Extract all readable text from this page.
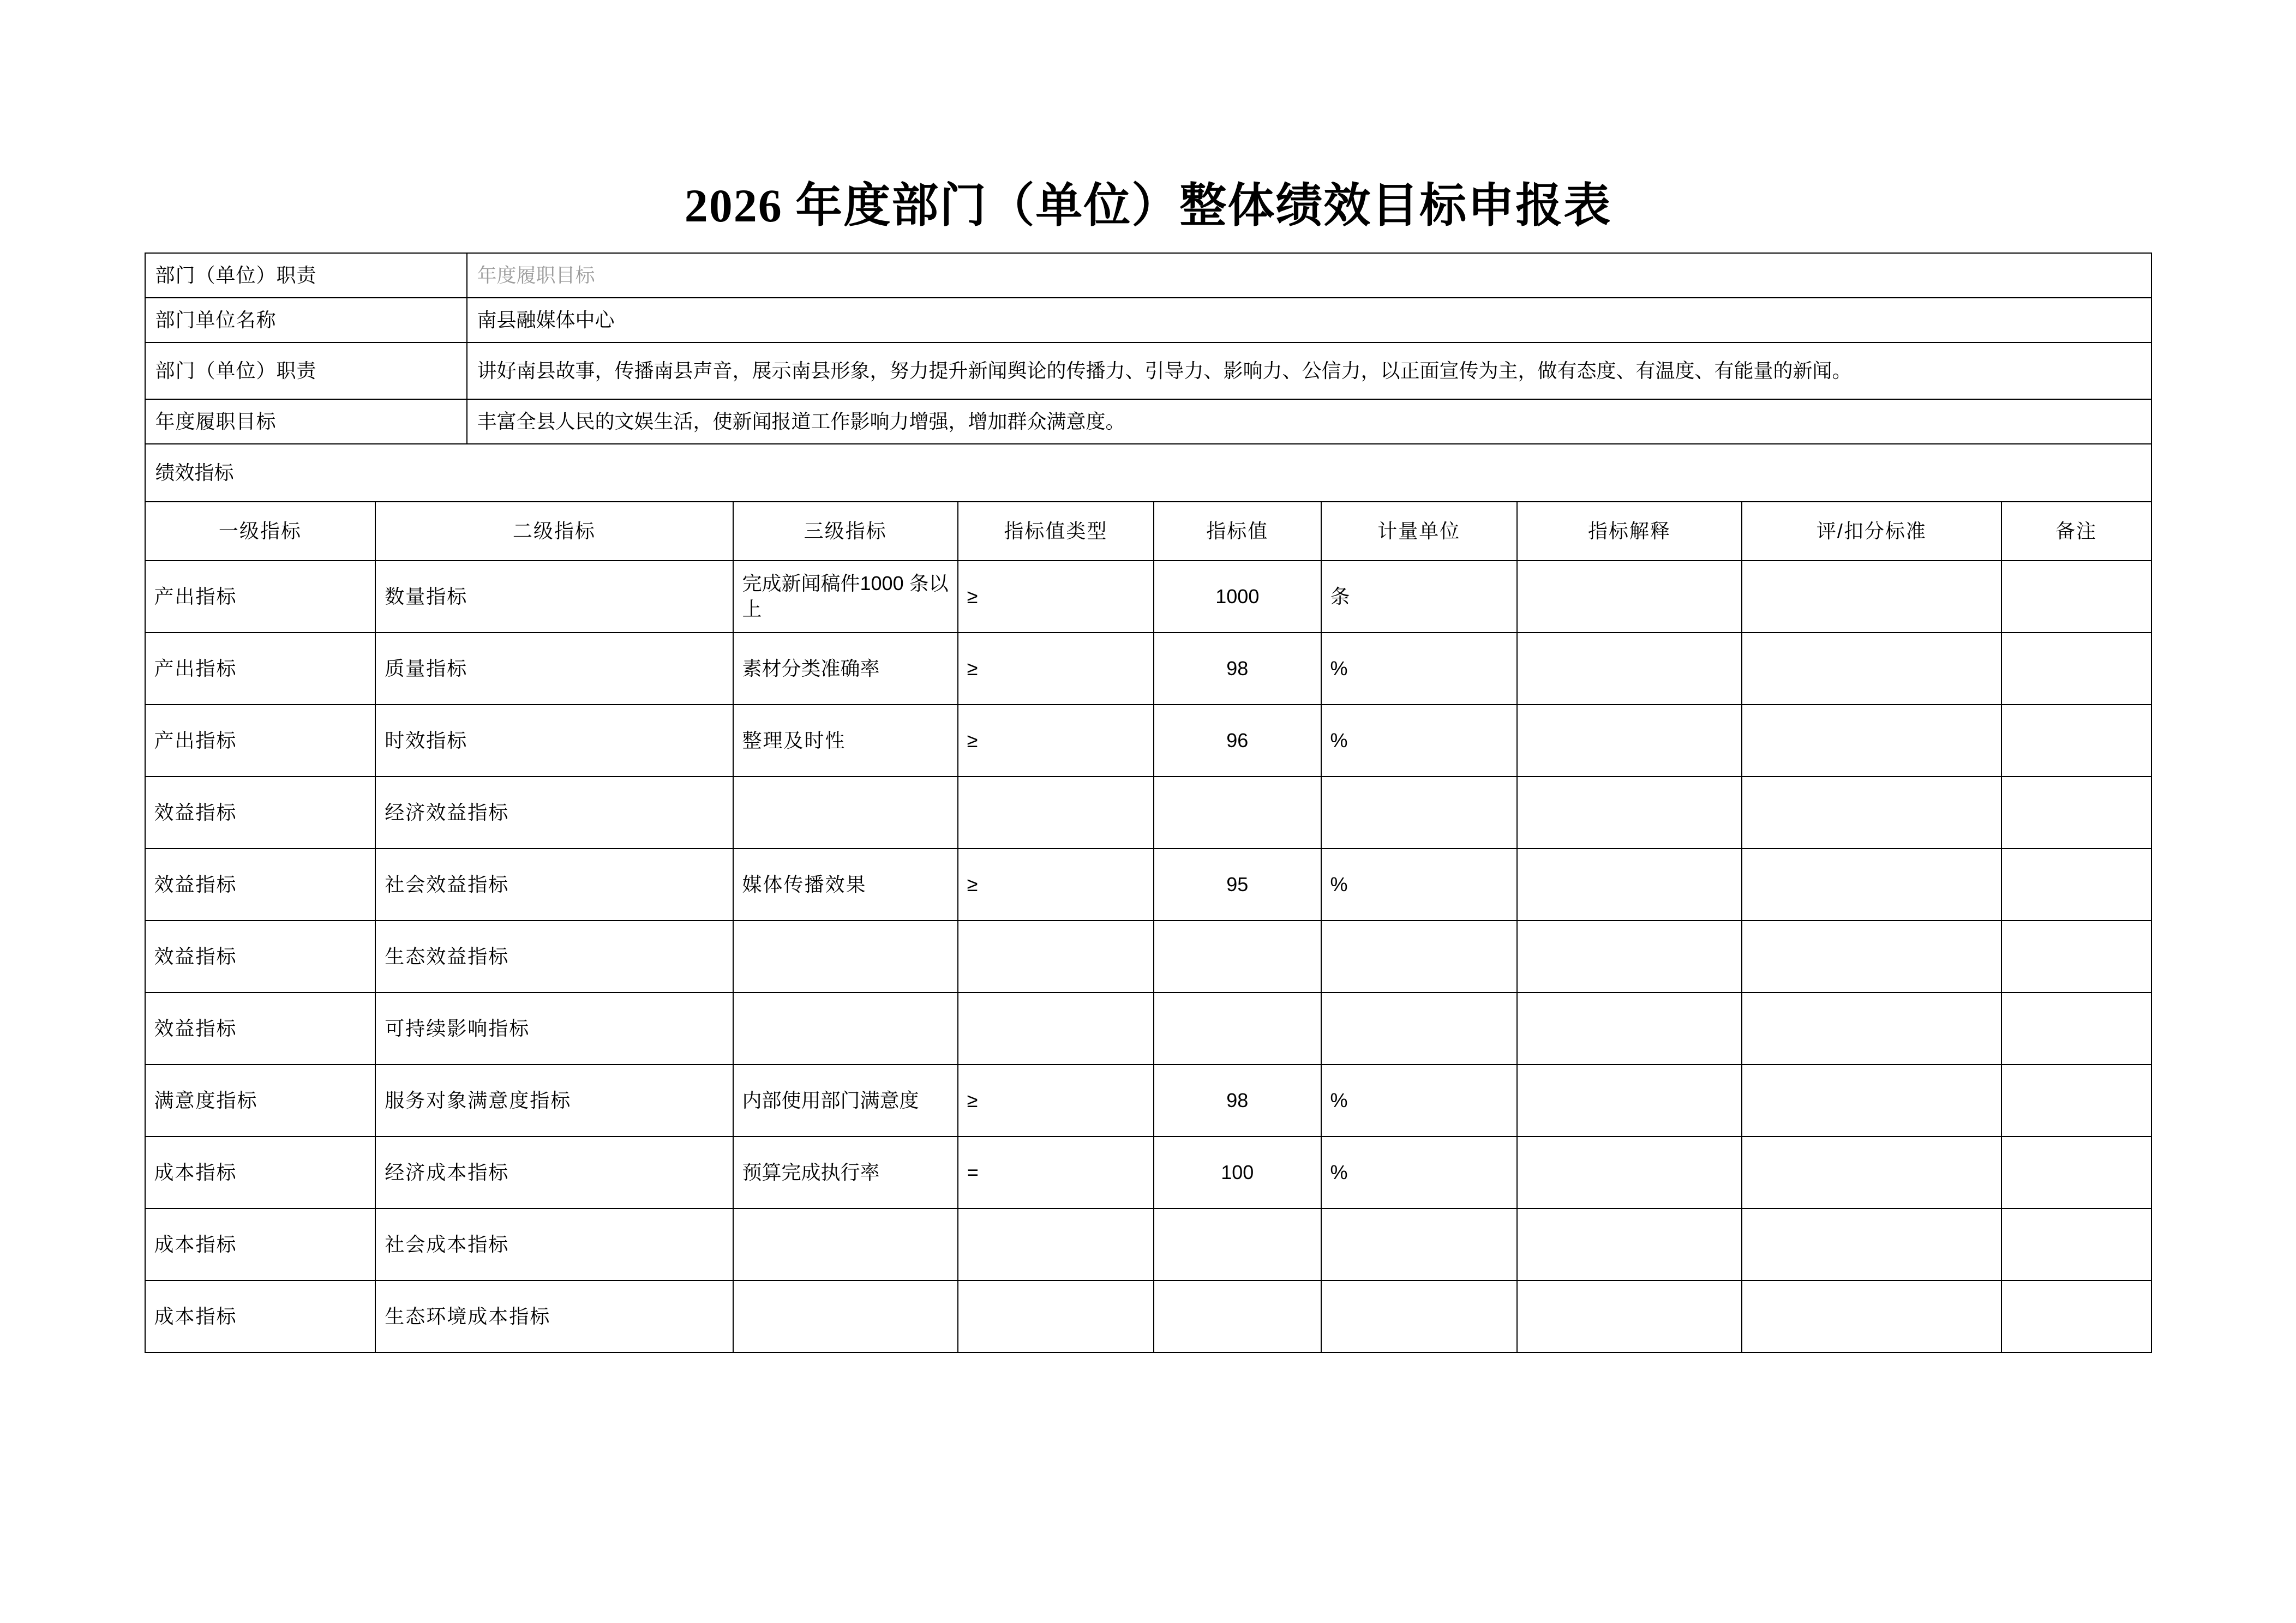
2026 年度部门（单位）整体绩效目标申报表
部门（单位）职责	年度履职目标
部门单位名称	南县融媒体中心
部门（单位）职责	讲好南县故事，传播南县声音，展示南县形象，努力提升新闻舆论的传播力、引导力、影响力、公信力，以正面宣传为主，做有态度、有温度、有能量的新闻。
年度履职目标	丰富全县人民的文娱生活，使新闻报道工作影响力增强，增加群众满意度。
绩效指标	
一级指标	二级指标	三级指标	指标值类型	指标值	计量单位	指标解释	评/扣分标准	备注
产出指标	数量指标	完成新闻稿件1000 条以上	≥	1000	条			
产出指标	质量指标	素材分类准确率	≥	98	%			
产出指标	时效指标	整理及时性	≥	96	%			
效益指标	经济效益指标							
效益指标	社会效益指标	媒体传播效果	≥	95	%			
效益指标	生态效益指标							
效益指标	可持续影响指标							
满意度指标	服务对象满意度指标	内部使用部门满意度	≥	98	%			
成本指标	经济成本指标	预算完成执行率	=	100	%			
成本指标	社会成本指标							
成本指标	生态环境成本指标							
